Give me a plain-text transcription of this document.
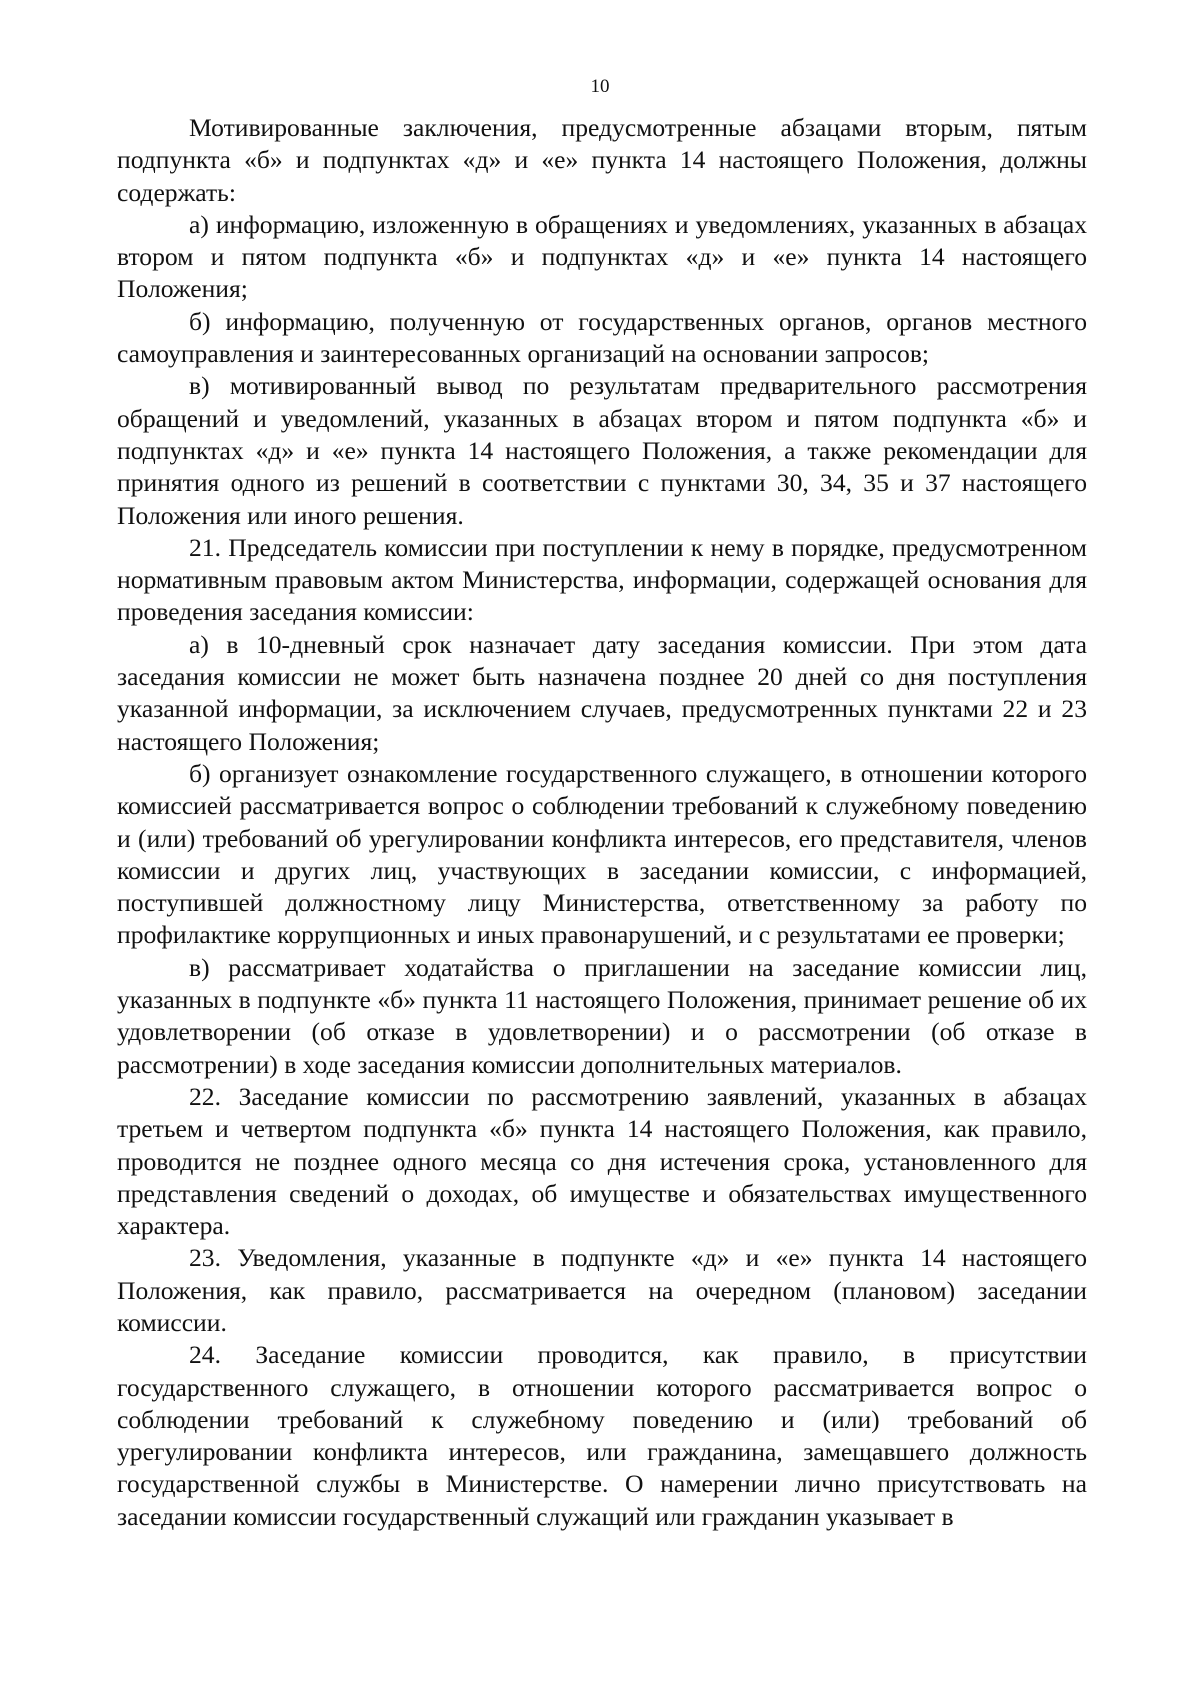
10

Мотивированные заключения, предусмотренные абзацами вторым, пятым подпункта «б» и подпунктах «д» и «е» пункта 14 настоящего Положения, должны содержать:

а) информацию, изложенную в обращениях и уведомлениях, указанных в абзацах втором и пятом подпункта «б» и подпунктах «д» и «е» пункта 14 настоящего Положения;

б) информацию, полученную от государственных органов, органов местного самоуправления и заинтересованных организаций на основании запросов;

в) мотивированный вывод по результатам предварительного рассмотрения обращений и уведомлений, указанных в абзацах втором и пятом подпункта «б» и подпунктах «д» и «е» пункта 14 настоящего Положения, а также рекомендации для принятия одного из решений в соответствии с пунктами 30, 34, 35 и 37 настоящего Положения или иного решения.

21. Председатель комиссии при поступлении к нему в порядке, предусмотренном нормативным правовым актом Министерства, информации, содержащей основания для проведения заседания комиссии:

а) в 10-дневный срок назначает дату заседания комиссии. При этом дата заседания комиссии не может быть назначена позднее 20 дней со дня поступления указанной информации, за исключением случаев, предусмотренных пунктами 22 и 23 настоящего Положения;

б) организует ознакомление государственного служащего, в отношении которого комиссией рассматривается вопрос о соблюдении требований к служебному поведению и (или) требований об урегулировании конфликта интересов, его представителя, членов комиссии и других лиц, участвующих в заседании комиссии, с информацией, поступившей должностному лицу Министерства, ответственному за работу по профилактике коррупционных и иных правонарушений, и с результатами ее проверки;

в) рассматривает ходатайства о приглашении на заседание комиссии лиц, указанных в подпункте «б» пункта 11 настоящего Положения, принимает решение об их удовлетворении (об отказе в удовлетворении) и о рассмотрении (об отказе в рассмотрении) в ходе заседания комиссии дополнительных материалов.

22. Заседание комиссии по рассмотрению заявлений, указанных в абзацах третьем и четвертом подпункта «б» пункта 14 настоящего Положения, как правило, проводится не позднее одного месяца со дня истечения срока, установленного для представления сведений о доходах, об имуществе и обязательствах имущественного характера.

23. Уведомления, указанные в подпункте «д» и «е» пункта 14 настоящего Положения, как правило, рассматривается на очередном (плановом) заседании комиссии.

24. Заседание комиссии проводится, как правило, в присутствии государственного служащего, в отношении которого рассматривается вопрос о соблюдении требований к служебному поведению и (или) требований об урегулировании конфликта интересов, или гражданина, замещавшего должность государственной службы в Министерстве. О намерении лично присутствовать на заседании комиссии государственный служащий или гражданин указывает в
